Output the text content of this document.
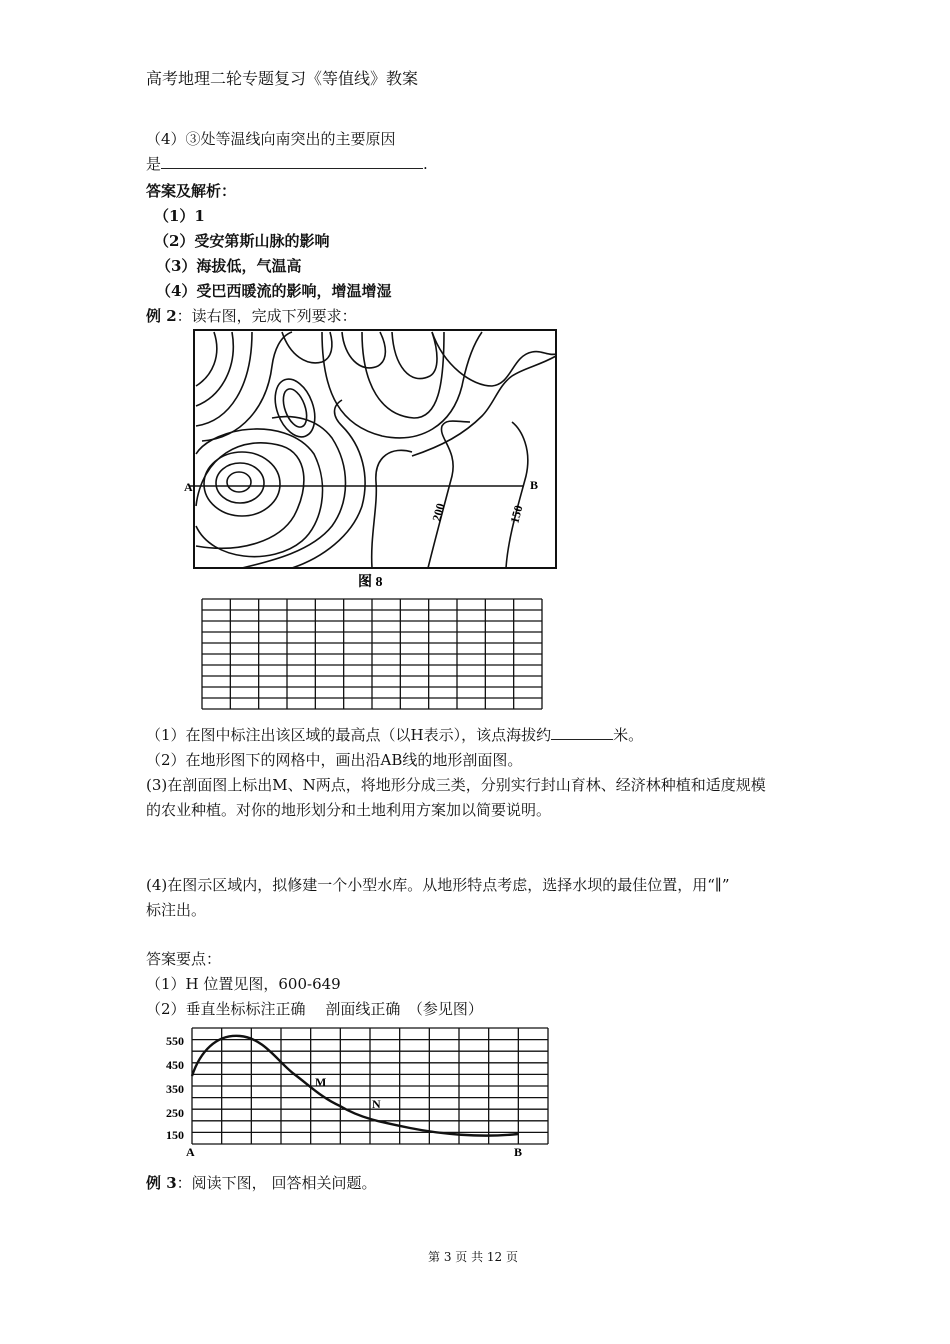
高考地理二轮专题复习《等值线》教案
（4）③处等温线向南突出的主要原因
是	.
答案及解析：
（1）1
（2）受安第斯山脉的影响
（3）海拔低，气温高
（4）受巴西暖流的影响，增温增湿
例 2：读右图，完成下列要求：
A	B
200	150
图 8
（1）在图中标注出该区域的最高点（以H表示），该点海拔约	米。
（2）在地形图下的网格中，画出沿AB线的地形剖面图。
(3)在剖面图上标出M、N两点，将地形分成三类，分别实行封山育林、经济林种植和适度规模
的农业种植。对你的地形划分和土地利用方案加以简要说明。
(4)在图示区域内，拟修建一个小型水库。从地形特点考虑，选择水坝的最佳位置，用“∥”
标注出。
答案要点：
（1）H 位置见图，600-649
（2）垂直坐标标注正确　 剖面线正确　（参见图）
550
450
350
250
150
M
N
A	B
例 3：阅读下图， 回答相关问题。
第 3 页 共 12 页
